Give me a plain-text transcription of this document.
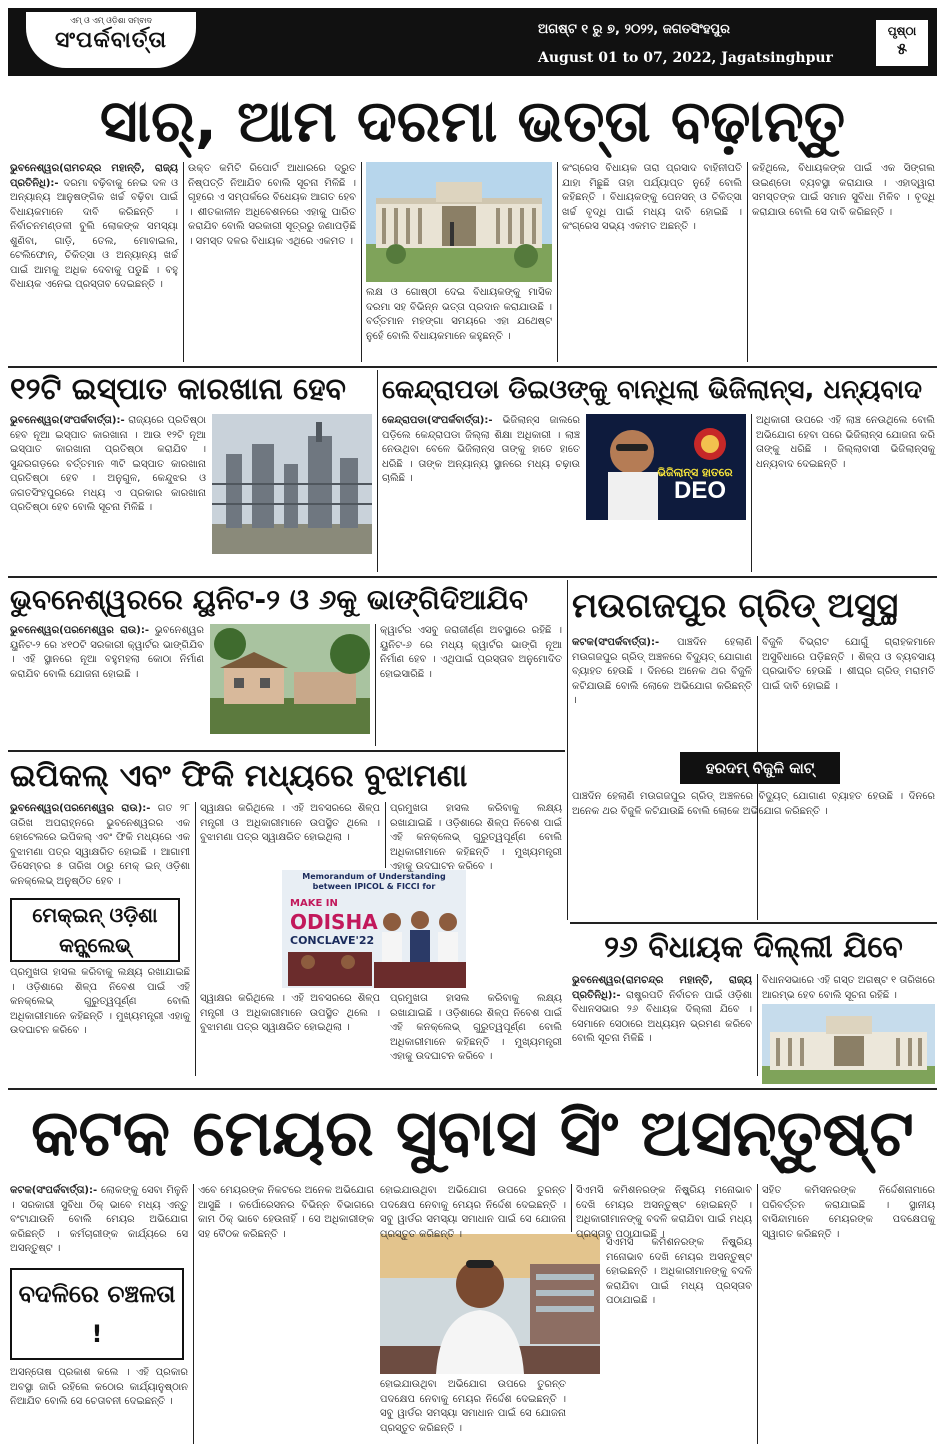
ଏମ୍ ଓ ଏମ୍ ଓଡ଼ିଶା ସମ୍ବାଦ
ସଂପର୍କବାର୍ତ୍ତା	ଅଗଷ୍ଟ ୧ ରୁ ୭, ୨୦୨୨, ଜଗତସିଂହପୁର
August 01 to 07, 2022, Jagatsinghpur
ପୃଷ୍ଠା
୫
ସାର୍, ଆମ ଦରମା ଭତ୍ତା ବଢ଼ାନ୍ତୁ
ଭୁବନେଶ୍ୱର(ରାମଚନ୍ଦ୍ର ମହାନ୍ତି, ରାଜ୍ୟ ପ୍ରତିନିଧି):- ଦରମା ବଢ଼ିବାକୁ ନେଇ ଦଳ ଓ ଅନ୍ୟାନ୍ୟ ଆନୁଷଙ୍ଗିକ ଖର୍ଚ୍ଚ ବଢ଼ିବା ପାଇଁ ବିଧାୟକମାନେ ଦାବି କରିଛନ୍ତି । ନିର୍ବାଚନମଣ୍ଡଳୀ ବୁଲି ଲୋକଙ୍କ ସମସ୍ୟା ଶୁଣିବା, ଗାଡ଼ି, ତେଲ, ମୋବାଇଲ, ଟେଲିଫୋନ୍, ଚିକିତ୍ସା ଓ ଅନ୍ୟାନ୍ୟ ଖର୍ଚ୍ଚ ପାଇଁ ଆମକୁ ଅଧିକ ଦେବାକୁ ପଡୁଛି । ବହୁ ବିଧାୟକ ଏନେଇ ପ୍ରସ୍ତାବ ଦେଇଛନ୍ତି ।
ଉକ୍ତ କମିଟି ରିପୋର୍ଟ ଆଧାରରେ ଦ୍ରୁତ ନିଷ୍ପତ୍ତି ନିଆଯିବ ବୋଲି ସୂଚନା ମିଳିଛି । ଗୃହରେ ଏ ସମ୍ପର୍କରେ ବିଧେୟକ ଆଗତ ହେବ । ଶୀତକାଳୀନ ଅଧିବେଶନରେ ଏହାକୁ ପାରିତ କରାଯିବ ବୋଲି ସରକାରୀ ସୂତ୍ରରୁ ଜଣାପଡ଼ିଛି । ସମସ୍ତ ଦଳର ବିଧାୟକ ଏଥିରେ ଏକମତ ।
ଲକ୍ଷ ଓ ଗୋଷ୍ଠୀ ଦେଇ ବିଧାୟକଙ୍କୁ ମାସିକ ଦରମା ସହ ବିଭିନ୍ନ ଭତ୍ତା ପ୍ରଦାନ କରାଯାଉଛି । ବର୍ତ୍ତମାନ ମହଙ୍ଗା ସମୟରେ ଏହା ଯଥେଷ୍ଟ ନୁହେଁ ବୋଲି ବିଧାୟକମାନେ କହୁଛନ୍ତି ।
କଂଗ୍ରେସ ବିଧାୟକ ତାରା ପ୍ରସାଦ ବାହିନୀପତି ଯାହା ମିଛୁଛି ତାହା ପର୍ଯ୍ୟାପ୍ତ ନୁହେଁ ବୋଲି କହିଛନ୍ତି । ବିଧାୟକଙ୍କୁ ପେନସନ୍ ଓ ଚିକିତ୍ସା ଖର୍ଚ୍ଚ ବୃଦ୍ଧି ପାଇଁ ମଧ୍ୟ ଦାବି ହୋଇଛି । କଂଗ୍ରେସ ସଭ୍ୟ ଏକମତ ଅଛନ୍ତି ।
କହିଥିଲେ, ବିଧାୟକଙ୍କ ପାଇଁ ଏକ ସିଙ୍ଗଲ ଉଇଣ୍ଡୋ ବ୍ୟବସ୍ଥା କରାଯାଉ । ଏହାଦ୍ୱାରା ସମସ୍ତଙ୍କ ପାଇଁ ସମାନ ସୁବିଧା ମିଳିବ । ବୃଦ୍ଧି କରାଯାଉ ବୋଲି ସେ ଦାବି କରିଛନ୍ତି ।
୧୨ଟି ଇସ୍ପାତ କାରଖାନା ହେବ
ଭୁବନେଶ୍ୱର(ସଂପର୍କବାର୍ତ୍ତା):- ରାଜ୍ୟରେ ପ୍ରତିଷ୍ଠା ହେବ ନୂଆ ଇସ୍ପାତ କାରଖାନା । ଆଉ ୧୨ଟି ନୂଆ ଇସ୍ପାତ କାରଖାନା ପ୍ରତିଷ୍ଠା କରାଯିବ । ସୁନ୍ଦରଗଡ଼ରେ ବର୍ତ୍ତମାନ ୩ଟି ଇସ୍ପାତ କାରଖାନା ପ୍ରତିଷ୍ଠା ହେବ । ଅନୁଗୁଳ, କେନ୍ଦୁଝର ଓ ଜଗତସିଂହପୁରରେ ମଧ୍ୟ ଏ ପ୍ରକାର କାରଖାନା ପ୍ରତିଷ୍ଠା ହେବ ବୋଲି ସୂଚନା ମିଳିଛି ।
କେନ୍ଦ୍ରାପଡା ଡିଇଓଙ୍କୁ ବାନ୍ଧିଲା ଭିଜିଲାନ୍ସ, ଧନ୍ୟବାଦ
ଭିଜିଲାନ୍ସ ହାତରେ
DEO
କେନ୍ଦ୍ରାପଡା(ସଂପର୍କବାର୍ତ୍ତା):- ଭିଜିଲାନ୍ସ ଜାଲରେ ପଡ଼ିଲେ କେନ୍ଦ୍ରାପଡା ଜିଲ୍ଲା ଶିକ୍ଷା ଅଧିକାରୀ । ଲାଞ୍ଚ ନେଉଥିବା ବେଳେ ଭିଜିଲାନ୍ସ ତାଙ୍କୁ ହାତେ ହାତେ ଧରିଛି । ତାଙ୍କ ଅନ୍ୟାନ୍ୟ ସ୍ଥାନରେ ମଧ୍ୟ ଚଢ଼ାଉ ଚାଲିଛି ।
ଅଧିକାରୀ ଉପରେ ଏହି ଲାଞ୍ଚ ନେଉଥିଲେ ବୋଲି ଅଭିଯୋଗ ହେବା ପରେ ଭିଜିଲାନ୍ସ ଯୋଜନା କରି ତାଙ୍କୁ ଧରିଛି । ଜିଲ୍ଲାବାସୀ ଭିଜିଲାନ୍ସକୁ ଧନ୍ୟବାଦ ଦେଇଛନ୍ତି ।
ଭୁବନେଶ୍ୱରରେ ୟୁନିଟ-୨ ଓ ୬କୁ ଭାଙ୍ଗିଦିଆଯିବ
ଭୁବନେଶ୍ୱର(ପରମେଶ୍ୱର ରାଉ):- ଭୁବନେଶ୍ୱର ୟୁନିଟ-୨ ରେ ୪୧୦ଟି ସରକାରୀ କ୍ୱାର୍ଟର ଭାଙ୍ଗିଯିବ । ଏହି ସ୍ଥାନରେ ନୂଆ ବହୁମହଲା କୋଠା ନିର୍ମାଣ କରାଯିବ ବୋଲି ଯୋଜନା ହୋଇଛି ।
କ୍ୱାର୍ଟର ଏସବୁ ଜରାଜୀର୍ଣ୍ଣ ଅବସ୍ଥାରେ ରହିଛି । ୟୁନିଟ-୬ ରେ ମଧ୍ୟ କ୍ୱାର୍ଟର ଭାଙ୍ଗି ନୂଆ ନିର୍ମାଣ ହେବ । ଏଥିପାଇଁ ପ୍ରସ୍ତାବ ଅନୁମୋଦିତ ହୋଇସାରିଛି ।
ମଉଗଜପୁର ଗ୍ରିଡ୍ ଅସୁସ୍ଥ
କଟକ(ସଂପର୍କବାର୍ତ୍ତା):- ପାଞ୍ଚଦିନ ହେଲାଣି ମଉଗଜପୁର ଗ୍ରିଡ୍ ଅଞ୍ଚଳରେ ବିଦ୍ୟୁତ୍ ଯୋଗାଣ ବ୍ୟାହତ ହେଉଛି । ଦିନରେ ଅନେକ ଥର ବିଜୁଳି କଟିଯାଉଛି ବୋଲି ଲୋକେ ଅଭିଯୋଗ କରିଛନ୍ତି ।
ହରଦମ୍ ବିଜୁଳି କାଟ୍
ବିଜୁଳି ବିଭ୍ରାଟ ଯୋଗୁଁ ଗ୍ରାହକମାନେ ଅସୁବିଧାରେ ପଡ଼ିଛନ୍ତି । ଶିଳ୍ପ ଓ ବ୍ୟବସାୟ ପ୍ରଭାବିତ ହେଉଛି । ଶୀଘ୍ର ଗ୍ରିଡ୍ ମରାମତି ପାଇଁ ଦାବି ହୋଇଛି ।
ପାଞ୍ଚଦିନ ହେଲାଣି ମଉଗଜପୁର ଗ୍ରିଡ୍ ଅଞ୍ଚଳରେ ବିଦ୍ୟୁତ୍ ଯୋଗାଣ ବ୍ୟାହତ ହେଉଛି । ଦିନରେ ଅନେକ ଥର ବିଜୁଳି କଟିଯାଉଛି ବୋଲି ଲୋକେ ଅଭିଯୋଗ କରିଛନ୍ତି ।
ଇପିକଲ୍ ଏବଂ ଫିକି ମଧ୍ୟରେ ବୁଝାମଣା
ଭୁବନେଶ୍ୱର(ପରମେଶ୍ୱର ରାଉ):- ଗତ ୨୮ ତାରିଖ ଅପରାହ୍ନରେ ଭୁବନେଶ୍ୱରର ଏକ ହୋଟେଲରେ ଇପିକଲ୍ ଏବଂ ଫିକି ମଧ୍ୟରେ ଏକ ବୁଝାମଣା ପତ୍ର ସ୍ୱାକ୍ଷରିତ ହୋଇଛି । ଆଗାମୀ ଡିସେମ୍ବର ୫ ତାରିଖ ଠାରୁ ମେକ୍ ଇନ୍ ଓଡ଼ିଶା କନକ୍ଲେଭ୍ ଅନୁଷ୍ଠିତ ହେବ ।
ମେକ୍ଇନ୍ ଓଡ଼ିଶା କନ୍କ୍ଲେଭ୍
ପ୍ରମୁଖତା ହାସଲ କରିବାକୁ ଲକ୍ଷ୍ୟ ରଖାଯାଇଛି । ଓଡ଼ିଶାରେ ଶିଳ୍ପ ନିବେଶ ପାଇଁ ଏହି କନକ୍ଲେଭ୍ ଗୁରୁତ୍ୱପୂର୍ଣ୍ଣ ବୋଲି ଅଧିକାରୀମାନେ କହିଛନ୍ତି । ମୁଖ୍ୟମନ୍ତ୍ରୀ ଏହାକୁ ଉଦଘାଟନ କରିବେ ।
ସ୍ୱାକ୍ଷର କରିଥିଲେ । ଏହି ଅବସରରେ ଶିଳ୍ପ ମନ୍ତ୍ରୀ ଓ ଅଧିକାରୀମାନେ ଉପସ୍ଥିତ ଥିଲେ । ବୁଝାମଣା ପତ୍ର ସ୍ୱାକ୍ଷରିତ ହୋଇଥିଲା ।
Memorandum of Understanding
between IPICOL & FICCI for
MAKE IN
ODISHA
CONCLAVE'22
ସ୍ୱାକ୍ଷର କରିଥିଲେ । ଏହି ଅବସରରେ ଶିଳ୍ପ ମନ୍ତ୍ରୀ ଓ ଅଧିକାରୀମାନେ ଉପସ୍ଥିତ ଥିଲେ । ବୁଝାମଣା ପତ୍ର ସ୍ୱାକ୍ଷରିତ ହୋଇଥିଲା ।
ପ୍ରମୁଖତା ହାସଲ କରିବାକୁ ଲକ୍ଷ୍ୟ ରଖାଯାଇଛି । ଓଡ଼ିଶାରେ ଶିଳ୍ପ ନିବେଶ ପାଇଁ ଏହି କନକ୍ଲେଭ୍ ଗୁରୁତ୍ୱପୂର୍ଣ୍ଣ ବୋଲି ଅଧିକାରୀମାନେ କହିଛନ୍ତି । ମୁଖ୍ୟମନ୍ତ୍ରୀ ଏହାକୁ ଉଦଘାଟନ କରିବେ ।
ପ୍ରମୁଖତା ହାସଲ କରିବାକୁ ଲକ୍ଷ୍ୟ ରଖାଯାଇଛି । ଓଡ଼ିଶାରେ ଶିଳ୍ପ ନିବେଶ ପାଇଁ ଏହି କନକ୍ଲେଭ୍ ଗୁରୁତ୍ୱପୂର୍ଣ୍ଣ ବୋଲି ଅଧିକାରୀମାନେ କହିଛନ୍ତି । ମୁଖ୍ୟମନ୍ତ୍ରୀ ଏହାକୁ ଉଦଘାଟନ କରିବେ ।
୨୬ ବିଧାୟକ ଦିଲ୍ଲୀ ଯିବେ
ଭୁବନେଶ୍ୱର(ରାମଚନ୍ଦ୍ର ମହାନ୍ତି, ରାଜ୍ୟ ପ୍ରତିନିଧି):- ରାଷ୍ଟ୍ରପତି ନିର୍ବାଚନ ପାଇଁ ଓଡ଼ିଶା ବିଧାନସଭାର ୨୬ ବିଧାୟକ ଦିଲ୍ଲୀ ଯିବେ । ସେମାନେ ସେଠାରେ ଅଧ୍ୟୟନ ଭ୍ରମଣ କରିବେ ବୋଲି ସୂଚନା ମିଳିଛି ।
ବିଧାନସଭାରେ ଏହି ଗସ୍ତ ଅଗଷ୍ଟ ୧ ତାରିଖରେ ଆରମ୍ଭ ହେବ ବୋଲି ସୂଚନା ରହିଛି ।
କଟକ ମେୟର ସୁବାସ ସିଂ ଅସନ୍ତୁଷ୍ଟ
କଟକ(ସଂପର୍କବାର୍ତ୍ତା):- ଲୋକଙ୍କୁ ସେବା ମିଳୁନି । ସରକାରୀ ସୁବିଧା ଠିକ୍ ଭାବେ ମଧ୍ୟ ଏନ୍ତୁ ବଂଟାଯାଉନି ବୋଲି ମେୟର ଅଭିଯୋଗ କରିଛନ୍ତି । କର୍ମଚାରୀଙ୍କ କାର୍ଯ୍ୟରେ ସେ ଅସନ୍ତୁଷ୍ଟ ।
ବଦଳିରେ ଚଞ୍ଚଳତା !
ଅସନ୍ତୋଷ ପ୍ରକାଶ କଲେ । ଏହି ପ୍ରକାର ଅବସ୍ଥା ଜାରି ରହିଲେ କଠୋର କାର୍ଯ୍ୟାନୁଷ୍ଠାନ ନିଆଯିବ ବୋଲି ସେ ଚେତାବନୀ ଦେଇଛନ୍ତି ।
ଏବେ ମେୟରଙ୍କ ନିକଟରେ ଅନେକ ଅଭିଯୋଗ ଆସୁଛି । କର୍ପୋରେସନର ବିଭିନ୍ନ ବିଭାଗରେ କାମ ଠିକ୍ ଭାବେ ହେଉନାହିଁ । ସେ ଅଧିକାରୀଙ୍କ ସହ ବୈଠକ କରିଛନ୍ତି ।
ହୋଇଯାଉଥିବା ଅଭିଯୋଗ ଉପରେ ତୁରନ୍ତ ପଦକ୍ଷେପ ନେବାକୁ ମେୟର ନିର୍ଦ୍ଦେଶ ଦେଇଛନ୍ତି । ସବୁ ୱାର୍ଡର ସମସ୍ୟା ସମାଧାନ ପାଇଁ ସେ ଯୋଜନା ପ୍ରସ୍ତୁତ କରିଛନ୍ତି ।
ହୋଇଯାଉଥିବା ଅଭିଯୋଗ ଉପରେ ତୁରନ୍ତ ପଦକ୍ଷେପ ନେବାକୁ ମେୟର ନିର୍ଦ୍ଦେଶ ଦେଇଛନ୍ତି । ସବୁ ୱାର୍ଡର ସମସ୍ୟା ସମାଧାନ ପାଇଁ ସେ ଯୋଜନା ପ୍ରସ୍ତୁତ କରିଛନ୍ତି ।
ସିଏମସି କମିଶନରଙ୍କ ନିଷ୍କ୍ରିୟ ମନୋଭାବ ଦେଖି ମେୟର ଅସନ୍ତୁଷ୍ଟ ହୋଇଛନ୍ତି । ଅଧିକାରୀମାନଙ୍କୁ ବଦଳି କରାଯିବା ପାଇଁ ମଧ୍ୟ ପ୍ରସ୍ତାବ ପଠାଯାଇଛି ।
ସିଏମସି କମିଶନରଙ୍କ ନିଷ୍କ୍ରିୟ ମନୋଭାବ ଦେଖି ମେୟର ଅସନ୍ତୁଷ୍ଟ ହୋଇଛନ୍ତି । ଅଧିକାରୀମାନଙ୍କୁ ବଦଳି କରାଯିବା ପାଇଁ ମଧ୍ୟ ପ୍ରସ୍ତାବ ପଠାଯାଇଛି ।
ସହିତ କମିସନରଙ୍କ ନିର୍ଦ୍ଦେଶନାମାରେ ପରିବର୍ତ୍ତନ କରାଯାଇଛି । ସ୍ଥାନୀୟ ବାସିନ୍ଦାମାନେ ମେୟରଙ୍କ ପଦକ୍ଷେପକୁ ସ୍ୱାଗତ କରିଛନ୍ତି ।
